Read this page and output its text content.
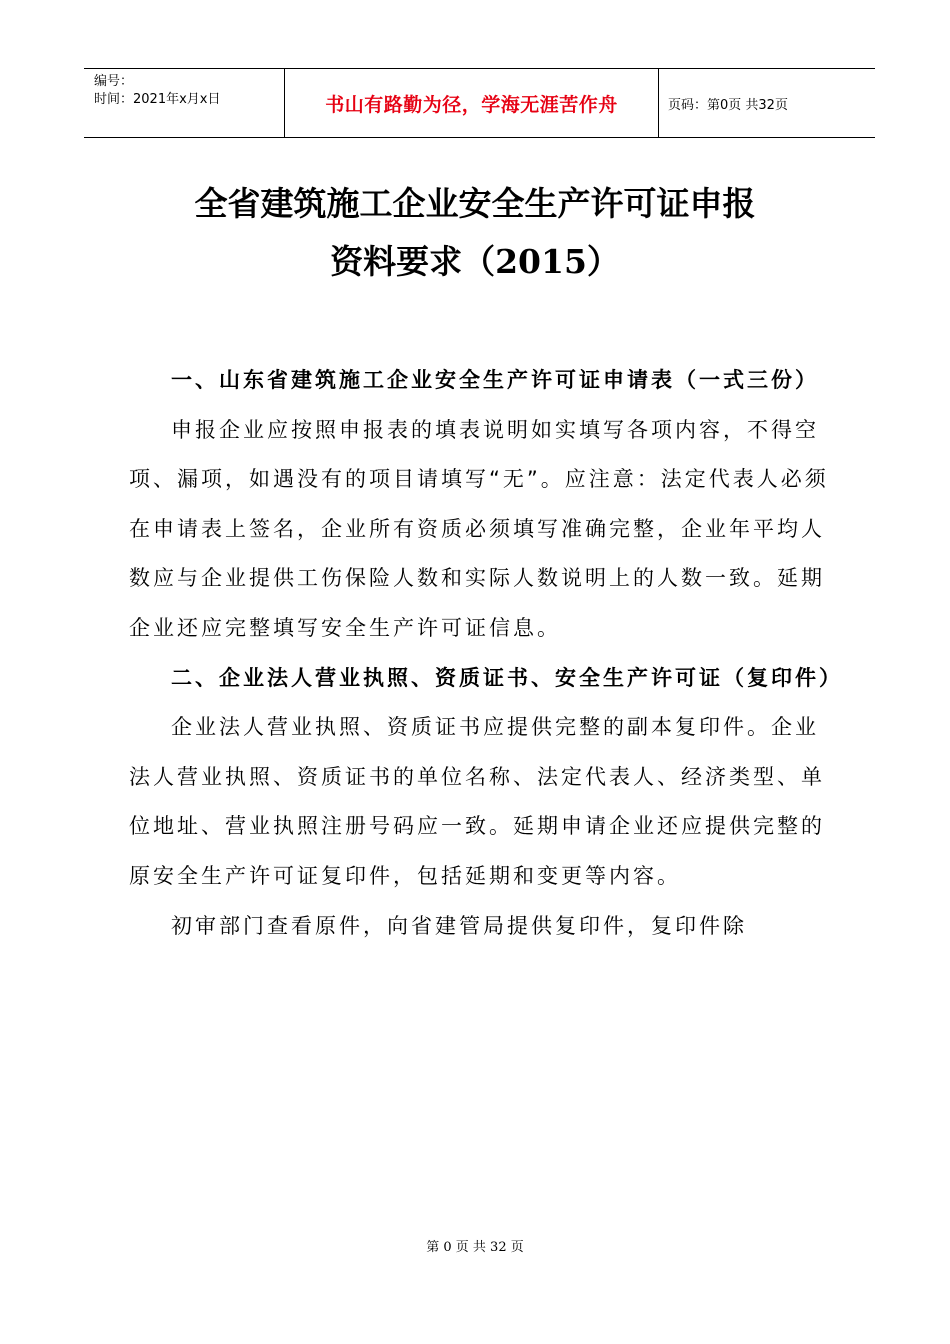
编号：
时间：2021年x月x日	书山有路勤为径，学海无涯苦作舟	页码：第0页 共32页
全省建筑施工企业安全生产许可证申报
资料要求（2015）

一、山东省建筑施工企业安全生产许可证申请表（一式三份）

申报企业应按照申报表的填表说明如实填写各项内容，不得空项、漏项，如遇没有的项目请填写“无”。应注意：法定代表人必须在申请表上签名，企业所有资质必须填写准确完整，企业年平均人数应与企业提供工伤保险人数和实际人数说明上的人数一致。延期企业还应完整填写安全生产许可证信息。

二、企业法人营业执照、资质证书、安全生产许可证（复印件）

企业法人营业执照、资质证书应提供完整的副本复印件。企业法人营业执照、资质证书的单位名称、法定代表人、经济类型、单位地址、营业执照注册号码应一致。延期申请企业还应提供完整的原安全生产许可证复印件，包括延期和变更等内容。

初审部门查看原件，向省建管局提供复印件，复印件除

第 0 页 共 32 页
